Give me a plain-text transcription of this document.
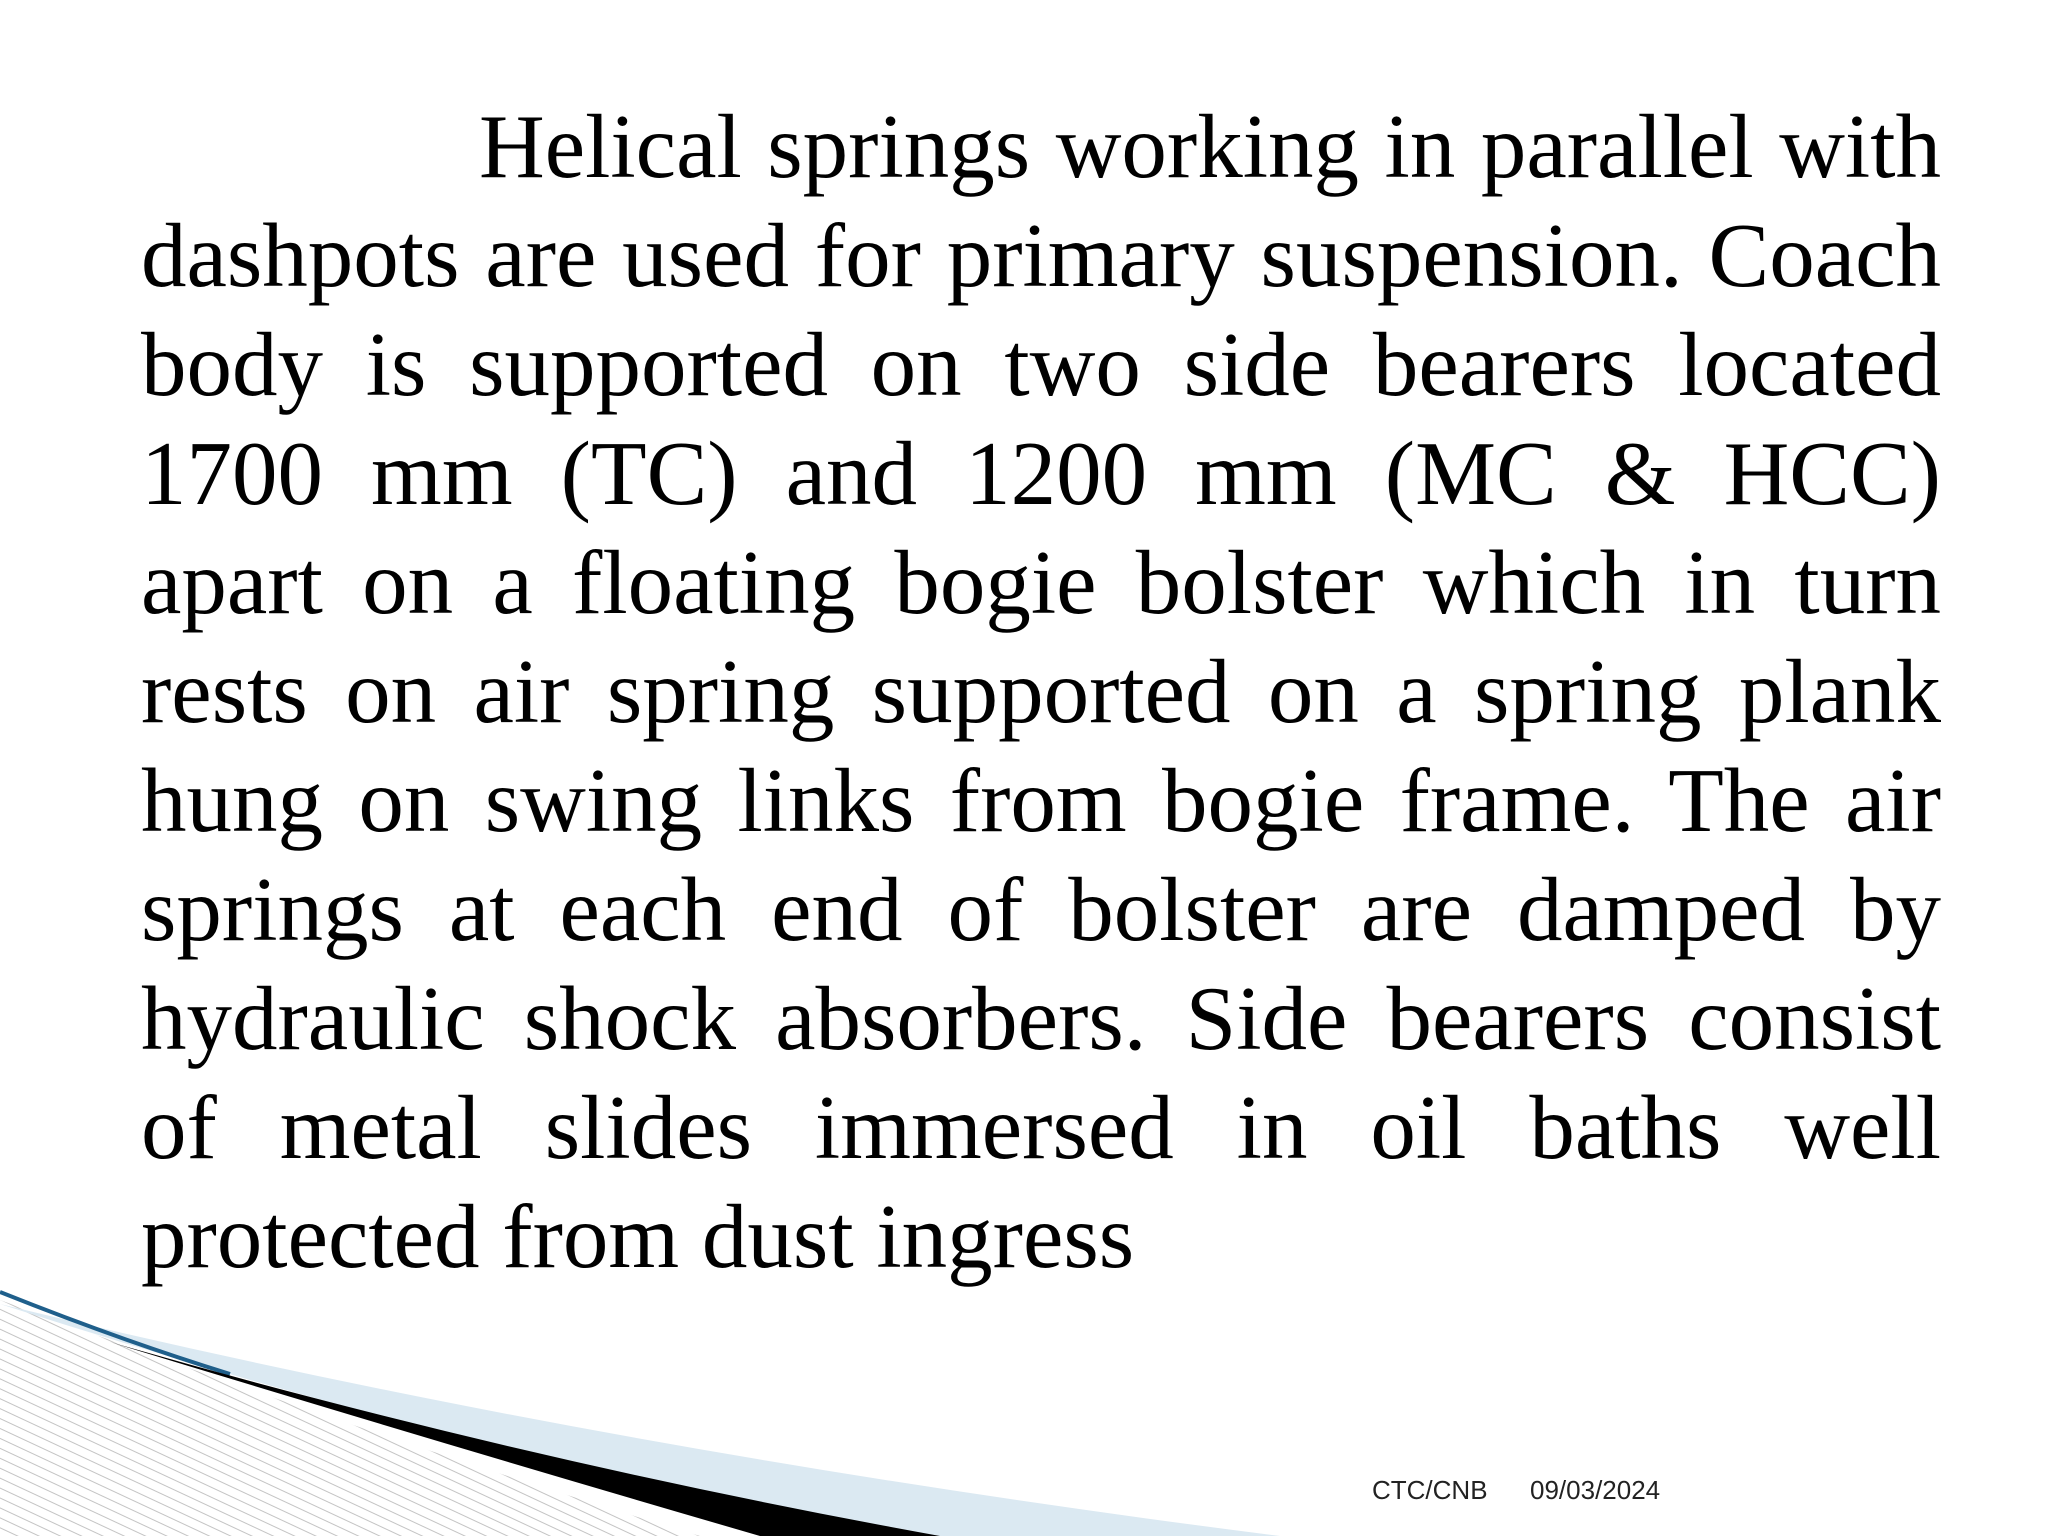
Helical springs working in parallel with dashpots are used for primary suspension. Coach body is supported on two side bearers located 1700 mm (TC) and 1200 mm (MC & HCC) apart on a floating bogie bolster which in turn rests on air spring supported on a spring plank hung on swing links from bogie frame. The air springs at each end of bolster are damped by hydraulic shock absorbers. Side bearers consist of metal slides immersed in oil baths well protected from dust ingress

CTC/CNB 09/03/2024
